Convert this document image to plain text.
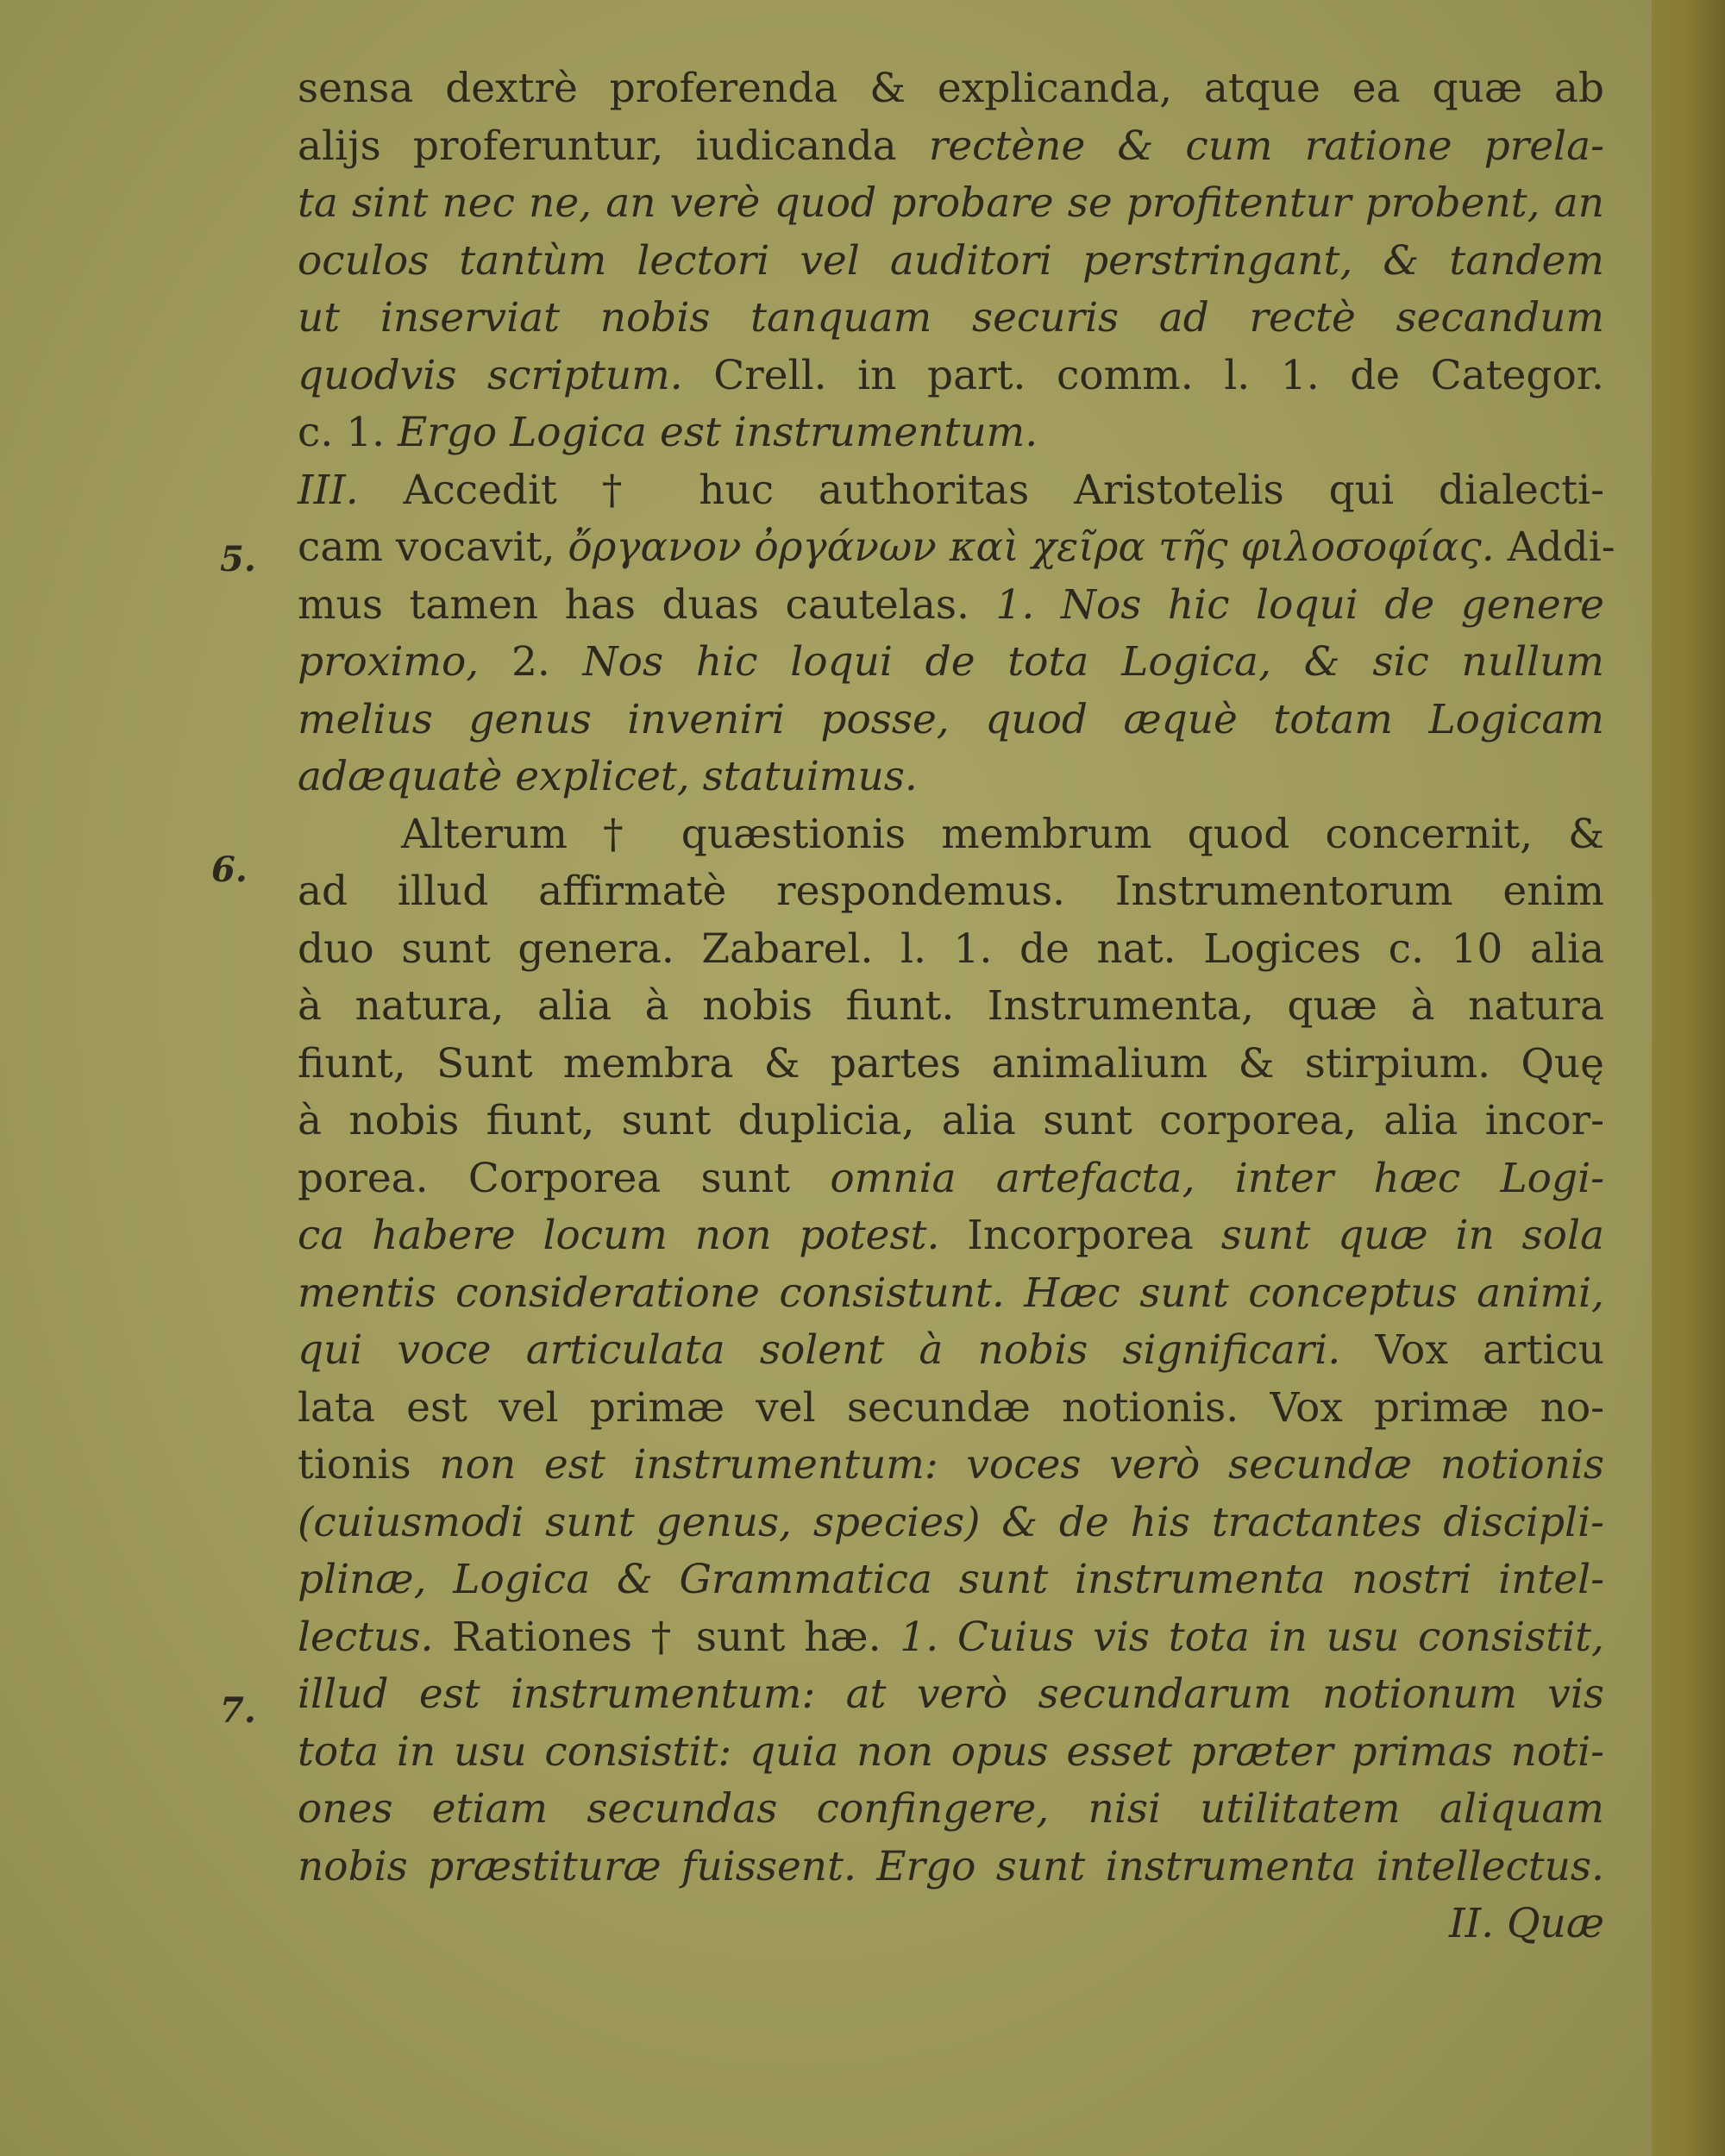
5.
6.
7.
sensa dextrè proferenda & explicanda, atque ea quæ ab
alijs proferuntur, iudicanda rectène & cum ratione prela-
ta sint nec ne, an verè quod probare se profitentur probent, an
oculos tantùm lectori vel auditori perstringant, & tandem
ut inserviat nobis tanquam securis ad rectè secandum
quodvis scriptum. Crell. in part. comm. l. 1. de Categor.
c. 1. Ergo Logica est instrumentum.
III. Accedit † huc authoritas Aristotelis qui dialecti-
cam vocavit, ὄργανον ὀργάνων καὶ χεῖρα τῆς φιλοσοφίας. Addi-
mus tamen has duas cautelas. 1. Nos hic loqui de genere
proximo, 2. Nos hic loqui de tota Logica, & sic nullum
melius genus inveniri posse, quod æquè totam Logicam
adæquatè explicet, statuimus.
Alterum † quæstionis membrum quod concernit, &
ad illud affirmatè respondemus. Instrumentorum enim
duo sunt genera. Zabarel. l. 1. de nat. Logices c. 10 alia
à natura, alia à nobis fiunt. Instrumenta, quæ à natura
fiunt, Sunt membra & partes animalium & stirpium. Quę
à nobis fiunt, sunt duplicia, alia sunt corporea, alia incor-
porea. Corporea sunt omnia artefacta, inter hæc Logi-
ca habere locum non potest. Incorporea sunt quæ in sola
mentis consideratione consistunt. Hæc sunt conceptus animi,
qui voce articulata solent à nobis significari. Vox articu
lata est vel primæ vel secundæ notionis. Vox primæ no-
tionis non est instrumentum: voces verò secundæ notionis
(cuiusmodi sunt genus, species) & de his tractantes discipli-
plinæ, Logica & Grammatica sunt instrumenta nostri intel-
lectus. Rationes † sunt hæ. 1. Cuius vis tota in usu consistit,
illud est instrumentum: at verò secundarum notionum vis
tota in usu consistit: quia non opus esset præter primas noti-
ones etiam secundas confingere, nisi utilitatem aliquam
nobis præstituræ fuissent. Ergo sunt instrumenta intellectus.
II. Quæ
